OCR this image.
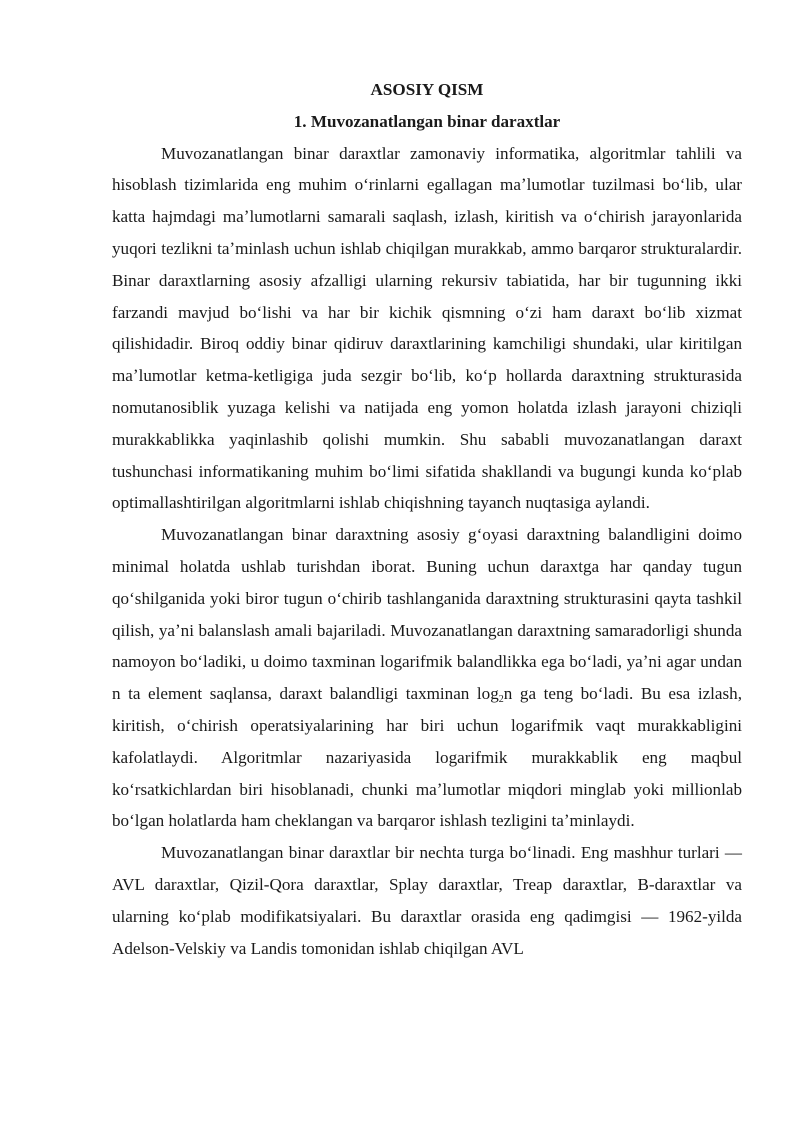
ASOSIY QISM

1. Muvozanatlangan binar daraxtlar

Muvozanatlangan binar daraxtlar zamonaviy informatika, algoritmlar tahlili va hisoblash tizimlarida eng muhim oʻrinlarni egallagan maʼlumotlar tuzilmasi boʻlib, ular katta hajmdagi maʼlumotlarni samarali saqlash, izlash, kiritish va oʻchirish jarayonlarida yuqori tezlikni taʼminlash uchun ishlab chiqilgan murakkab, ammo barqaror strukturalardir. Binar daraxtlarning asosiy afzalligi ularning rekursiv tabiatida, har bir tugunning ikki farzandi mavjud boʻlishi va har bir kichik qismning oʻzi ham daraxt boʻlib xizmat qilishidadir. Biroq oddiy binar qidiruv daraxtlarining kamchiligi shundaki, ular kiritilgan maʼlumotlar ketma-ketligiga juda sezgir boʻlib, koʻp hollarda daraxtning strukturasida nomutanosiblik yuzaga kelishi va natijada eng yomon holatda izlash jarayoni chiziqli murakkablikka yaqinlashib qolishi mumkin. Shu sababli muvozanatlangan daraxt tushunchasi informatikaning muhim boʻlimi sifatida shakllandi va bugungi kunda koʻplab optimallashtirilgan algoritmlarni ishlab chiqishning tayanch nuqtasiga aylandi.

Muvozanatlangan binar daraxtning asosiy gʻoyasi daraxtning balandligini doimo minimal holatda ushlab turishdan iborat. Buning uchun daraxtga har qanday tugun qoʻshilganida yoki biror tugun oʻchirib tashlanganida daraxtning strukturasini qayta tashkil qilish, yaʼni balanslash amali bajariladi. Muvozanatlangan daraxtning samaradorligi shunda namoyon boʻladiki, u doimo taxminan logarifmik balandlikka ega boʻladi, yaʼni agar undan n ta element saqlansa, daraxt balandligi taxminan $\log_2n$ ga teng boʻladi. Bu esa izlash, kiritish, oʻchirish operatsiyalarining har biri uchun logarifmik vaqt murakkabligini kafolatlaydi. Algoritmlar nazariyasida logarifmik murakkablik eng maqbul koʻrsatkichlardan biri hisoblanadi, chunki maʼlumotlar miqdori minglab yoki millionlab boʻlgan holatlarda ham cheklangan va barqaror ishlash tezligini taʼminlaydi.

Muvozanatlangan binar daraxtlar bir nechta turga boʻlinadi. Eng mashhur turlari — AVL daraxtlar, Qizil-Qora daraxtlar, Splay daraxtlar, Treap daraxtlar, B-daraxtlar va ularning koʻplab modifikatsiyalari. Bu daraxtlar orasida eng qadimgisi — 1962-yilda Adelson-Velskiy va Landis tomonidan ishlab chiqilgan AVL
